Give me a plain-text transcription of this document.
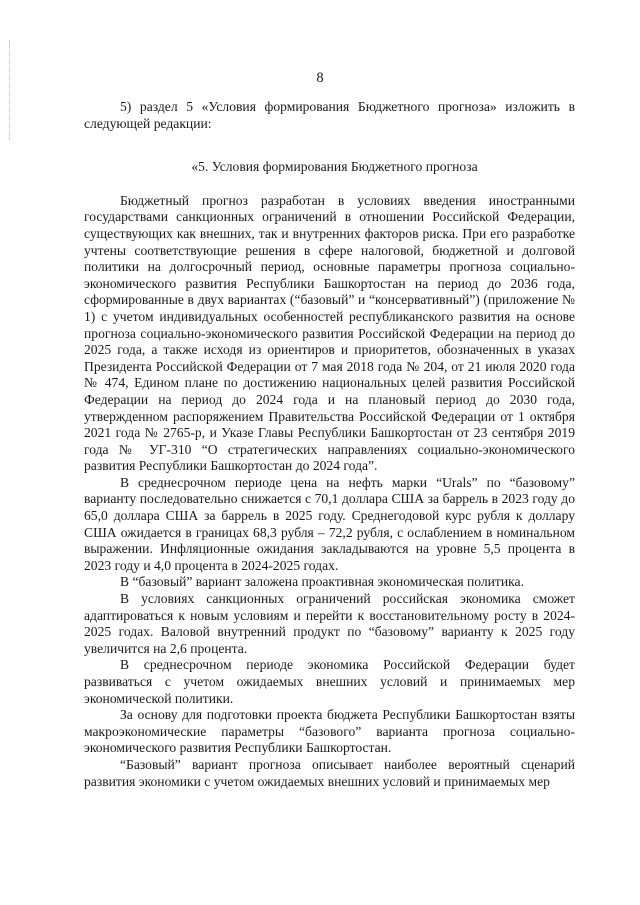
8

5) раздел 5 «Условия формирования Бюджетного прогноза» изложить в следующей редакции:

«5. Условия формирования Бюджетного прогноза

Бюджетный прогноз разработан в условиях введения иностранными государствами санкционных ограничений в отношении Российской Федерации, существующих как внешних, так и внутренних факторов риска. При его разработке учтены соответствующие решения в сфере налоговой, бюджетной и долговой политики на долгосрочный период, основные параметры прогноза социально-экономического развития Республики Башкортостан на период до 2036 года, сформированные в двух вариантах (“базовый” и “консервативный”) (приложение № 1) с учетом индивидуальных особенностей республиканского развития на основе прогноза социально-экономического развития Российской Федерации на период до 2025 года, а также исходя из ориентиров и приоритетов, обозначенных в указах Президента Российской Федерации от 7 мая 2018 года № 204, от 21 июля 2020 года № 474, Едином плане по достижению национальных целей развития Российской Федерации на период до 2024 года и на плановый период до 2030 года, утвержденном распоряжением Правительства Российской Федерации от 1 октября 2021 года № 2765-р, и Указе Главы Республики Башкортостан от 23 сентября 2019 года № УГ-310 “О стратегических направлениях социально-экономического развития Республики Башкортостан до 2024 года”.

В среднесрочном периоде цена на нефть марки “Urals” по “базовому” варианту последовательно снижается с 70,1 доллара США за баррель в 2023 году до 65,0 доллара США за баррель в 2025 году. Среднегодовой курс рубля к доллару США ожидается в границах 68,3 рубля – 72,2 рубля, с ослаблением в номинальном выражении. Инфляционные ожидания закладываются на уровне 5,5 процента в 2023 году и 4,0 процента в 2024-2025 годах.

В “базовый” вариант заложена проактивная экономическая политика.

В условиях санкционных ограничений российская экономика сможет адаптироваться к новым условиям и перейти к восстановительному росту в 2024-2025 годах. Валовой внутренний продукт по “базовому” варианту к 2025 году увеличится на 2,6 процента.

В среднесрочном периоде экономика Российской Федерации будет развиваться с учетом ожидаемых внешних условий и принимаемых мер экономической политики.

За основу для подготовки проекта бюджета Республики Башкортостан взяты макроэкономические параметры “базового” варианта прогноза социально-экономического развития Республики Башкортостан.

“Базовый” вариант прогноза описывает наиболее вероятный сценарий развития экономики с учетом ожидаемых внешних условий и принимаемых мер
